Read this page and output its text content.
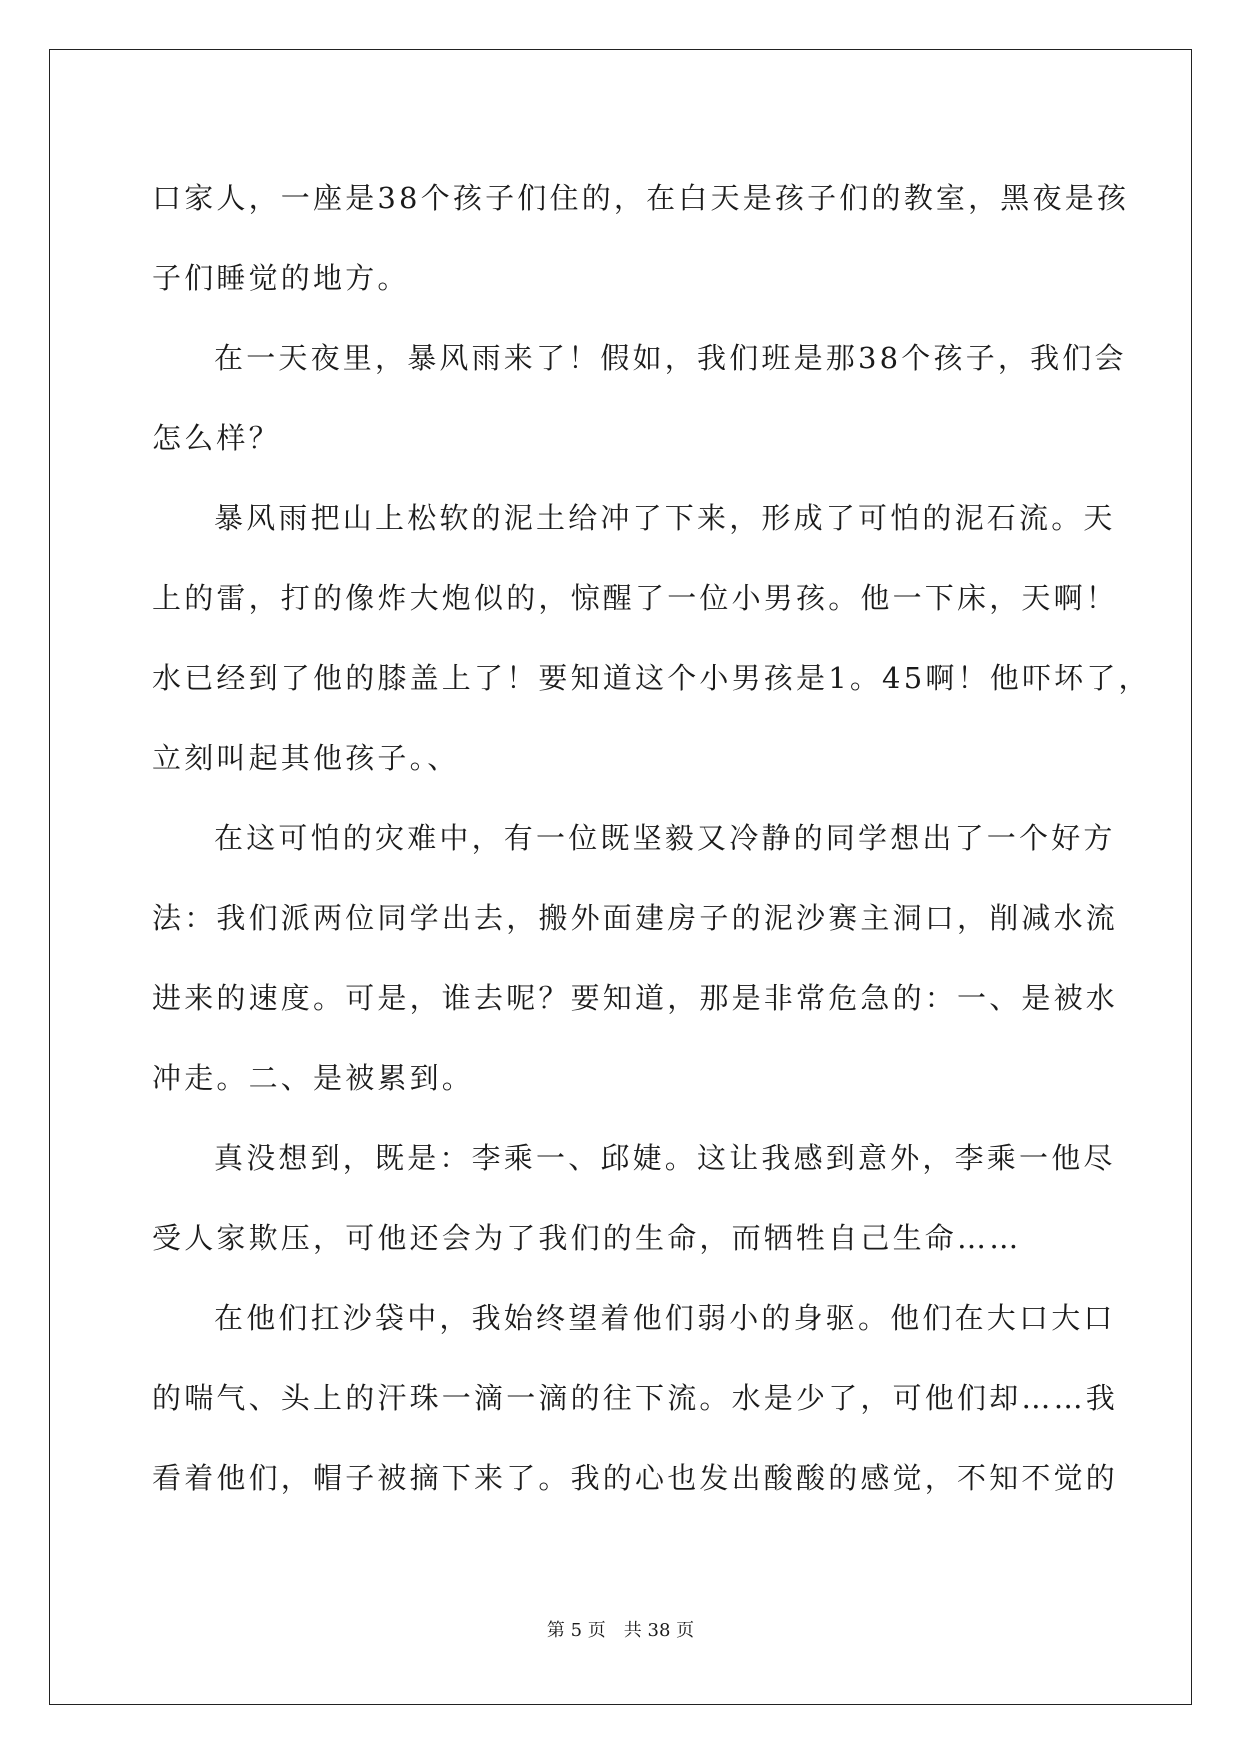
口家人，一座是38个孩子们住的，在白天是孩子们的教室，黑夜是孩
子们睡觉的地方。
在一天夜里，暴风雨来了！假如，我们班是那38个孩子，我们会
怎么样？
暴风雨把山上松软的泥土给冲了下来，形成了可怕的泥石流。天
上的雷，打的像炸大炮似的，惊醒了一位小男孩。他一下床，天啊！
水已经到了他的膝盖上了！要知道这个小男孩是1。45啊！他吓坏了，
立刻叫起其他孩子。、
在这可怕的灾难中，有一位既坚毅又冷静的同学想出了一个好方
法：我们派两位同学出去，搬外面建房子的泥沙赛主洞口，削减水流
进来的速度。可是，谁去呢？要知道，那是非常危急的：一、是被水
冲走。二、是被累到。
真没想到，既是：李乘一、邱婕。这让我感到意外，李乘一他尽
受人家欺压，可他还会为了我们的生命，而牺牲自己生命……
在他们扛沙袋中，我始终望着他们弱小的身驱。他们在大口大口
的喘气、头上的汗珠一滴一滴的往下流。水是少了，可他们却……我
看着他们，帽子被摘下来了。我的心也发出酸酸的感觉，不知不觉的
第 5 页　共 38 页
